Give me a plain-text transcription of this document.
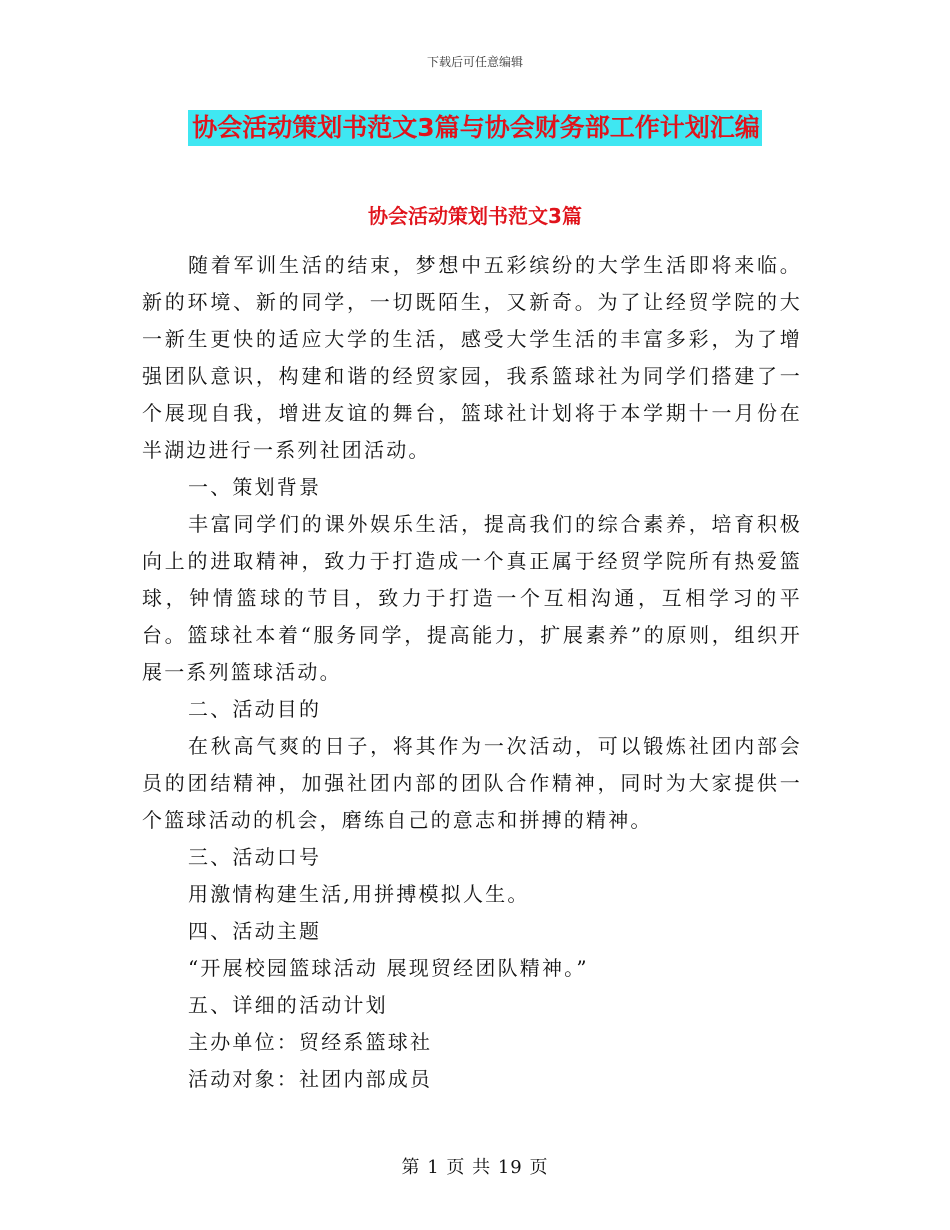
下载后可任意编辑
协会活动策划书范文3篇与协会财务部工作计划汇编
协会活动策划书范文3篇

随着军训生活的结束，梦想中五彩缤纷的大学生活即将来临。新的环境、新的同学，一切既陌生，又新奇。为了让经贸学院的大一新生更快的适应大学的生活，感受大学生活的丰富多彩，为了增强团队意识，构建和谐的经贸家园，我系篮球社为同学们搭建了一个展现自我，增进友谊的舞台，篮球社计划将于本学期十一月份在半湖边进行一系列社团活动。

一、策划背景

丰富同学们的课外娱乐生活，提高我们的综合素养，培育积极向上的进取精神，致力于打造成一个真正属于经贸学院所有热爱篮球，钟情篮球的节目，致力于打造一个互相沟通，互相学习的平台。篮球社本着“服务同学，提高能力，扩展素养”的原则，组织开展一系列篮球活动。

二、活动目的

在秋高气爽的日子，将其作为一次活动，可以锻炼社团内部会员的团结精神，加强社团内部的团队合作精神，同时为大家提供一个篮球活动的机会，磨练自己的意志和拼搏的精神。

三、活动口号

用激情构建生活,用拼搏模拟人生。

四、活动主题

“开展校园篮球活动 展现贸经团队精神。”

五、详细的活动计划

主办单位：贸经系篮球社

活动对象：社团内部成员

第 1 页 共 19 页
